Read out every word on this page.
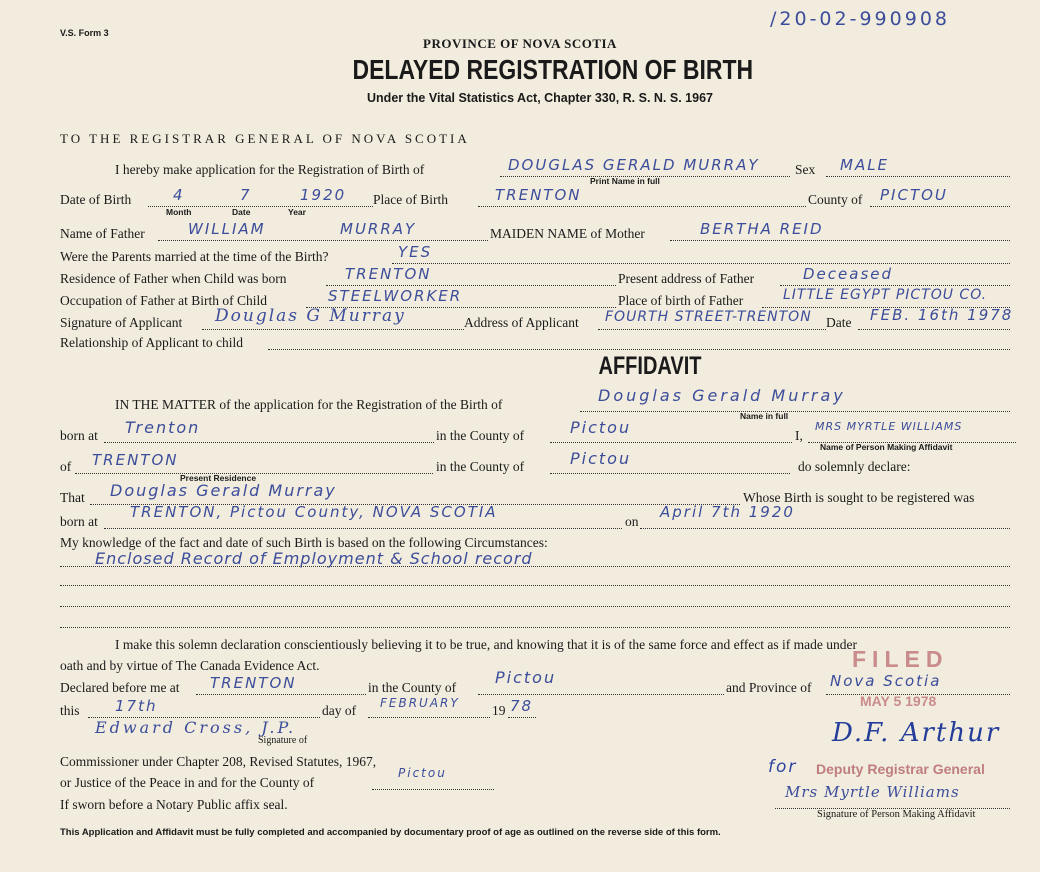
V.S. Form 3
/20-02-990908
PROVINCE OF NOVA SCOTIA
DELAYED REGISTRATION OF BIRTH
Under the Vital Statistics Act, Chapter 330, R. S. N. S. 1967
TO THE REGISTRAR GENERAL OF NOVA SCOTIA
I hereby make application for the Registration of Birth of	DOUGLAS GERALD MURRAY
Print Name in full
Sex MALE
Date of Birth	4	7	1920
Month	Date	Year
Place of Birth	TRENTON	County of PICTOU
Name of Father	WILLIAM	MURRAY	MAIDEN NAME of Mother	BERTHA REID
Were the Parents married at the time of the Birth?	YES
Residence of Father when Child was born	TRENTON	Present address of Father	Deceased
Occupation of Father at Birth of Child	STEELWORKER	Place of birth of Father	LITTLE EGYPT PICTOU CO.
Signature of Applicant Douglas G Murray	Address of Applicant FOURTH STREET-TRENTON Date FEB. 16th 1978
Relationship of Applicant to child
AFFIDAVIT
IN THE MATTER of the application for the Registration of the Birth of	Douglas Gerald Murray
Name in full
born at Trenton	in the County of	Pictou	I,
MRS MYRTLE WILLIAMS
Name of Person Making Affidavit
of TRENTON
Present Residence
in the County of	Pictou	do solemnly declare:
That Douglas Gerald Murray	Whose Birth is sought to be registered was
born at
TRENTON, Pictou County, NOVA SCOTIA
on
April 7th 1920
My knowledge of the fact and date of such Birth is based on the following Circumstances:
Enclosed Record of Employment & School record
I make this solemn declaration conscientiously believing it to be true, and knowing that it is of the same force and effect as if made under
oath and by virtue of The Canada Evidence Act.
Declared before me at TRENTON	in the County of
Pictou
and Province of Nova Scotia
this 17th	day of FEBRUARY 19 78
Edward Cross, J.P.
Signature of
Commissioner under Chapter 208, Revised Statutes, 1967,
or Justice of the Peace in and for the County of
Pictou
If sworn before a Notary Public affix seal.
FILED
MAY 5 1978
D.F. Arthur
for Deputy Registrar General
Mrs Myrtle Williams
Signature of Person Making Affidavit
This Application and Affidavit must be fully completed and accompanied by documentary proof of age as outlined on the reverse side of this form.
